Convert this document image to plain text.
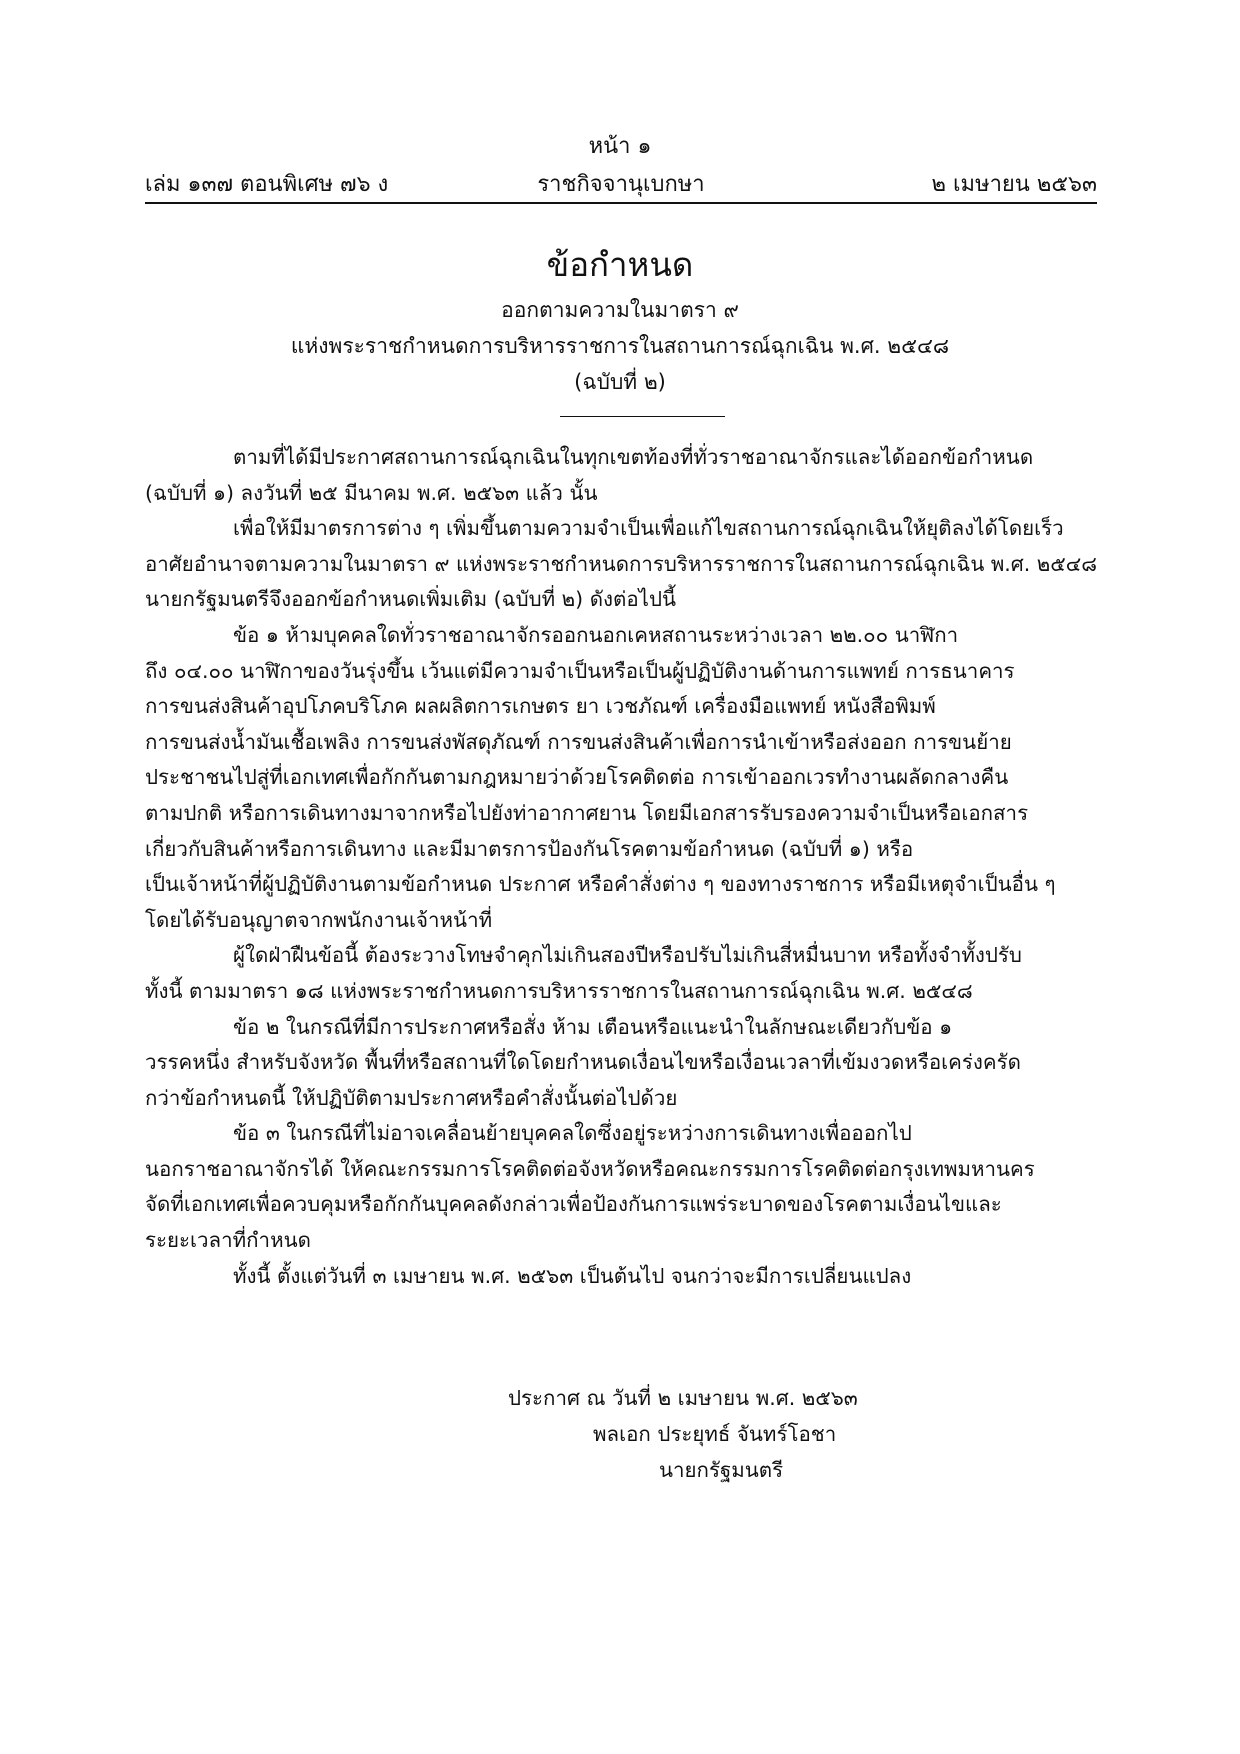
หน้า ๑
เล่ม ๑๓๗ ตอนพิเศษ ๗๖ ง	ราชกิจจานุเบกษา	๒ เมษายน ๒๕๖๓
ข้อกำหนด
ออกตามความในมาตรา ๙
แห่งพระราชกำหนดการบริหารราชการในสถานการณ์ฉุกเฉิน พ.ศ. ๒๕๔๘
(ฉบับที่ ๒)
ตามที่ได้มีประกาศสถานการณ์ฉุกเฉินในทุกเขตท้องที่ทั่วราชอาณาจักรและได้ออกข้อกำหนด
(ฉบับที่ ๑) ลงวันที่ ๒๕ มีนาคม พ.ศ. ๒๕๖๓ แล้ว นั้น
เพื่อให้มีมาตรการต่าง ๆ เพิ่มขึ้นตามความจำเป็นเพื่อแก้ไขสถานการณ์ฉุกเฉินให้ยุติลงได้โดยเร็ว
อาศัยอำนาจตามความในมาตรา ๙ แห่งพระราชกำหนดการบริหารราชการในสถานการณ์ฉุกเฉิน พ.ศ. ๒๕๔๘
นายกรัฐมนตรีจึงออกข้อกำหนดเพิ่มเติม (ฉบับที่ ๒) ดังต่อไปนี้
ข้อ ๑ ห้ามบุคคลใดทั่วราชอาณาจักรออกนอกเคหสถานระหว่างเวลา ๒๒.๐๐ นาฬิกา
ถึง ๐๔.๐๐ นาฬิกาของวันรุ่งขึ้น เว้นแต่มีความจำเป็นหรือเป็นผู้ปฏิบัติงานด้านการแพทย์ การธนาคาร
การขนส่งสินค้าอุปโภคบริโภค ผลผลิตการเกษตร ยา เวชภัณฑ์ เครื่องมือแพทย์ หนังสือพิมพ์
การขนส่งน้ำมันเชื้อเพลิง การขนส่งพัสดุภัณฑ์ การขนส่งสินค้าเพื่อการนำเข้าหรือส่งออก การขนย้าย
ประชาชนไปสู่ที่เอกเทศเพื่อกักกันตามกฎหมายว่าด้วยโรคติดต่อ การเข้าออกเวรทำงานผลัดกลางคืน
ตามปกติ หรือการเดินทางมาจากหรือไปยังท่าอากาศยาน โดยมีเอกสารรับรองความจำเป็นหรือเอกสาร
เกี่ยวกับสินค้าหรือการเดินทาง และมีมาตรการป้องกันโรคตามข้อกำหนด (ฉบับที่ ๑) หรือ
เป็นเจ้าหน้าที่ผู้ปฏิบัติงานตามข้อกำหนด ประกาศ หรือคำสั่งต่าง ๆ ของทางราชการ หรือมีเหตุจำเป็นอื่น ๆ
โดยได้รับอนุญาตจากพนักงานเจ้าหน้าที่
ผู้ใดฝ่าฝืนข้อนี้ ต้องระวางโทษจำคุกไม่เกินสองปีหรือปรับไม่เกินสี่หมื่นบาท หรือทั้งจำทั้งปรับ
ทั้งนี้ ตามมาตรา ๑๘ แห่งพระราชกำหนดการบริหารราชการในสถานการณ์ฉุกเฉิน พ.ศ. ๒๕๔๘
ข้อ ๒ ในกรณีที่มีการประกาศหรือสั่ง ห้าม เตือนหรือแนะนำในลักษณะเดียวกับข้อ ๑
วรรคหนึ่ง สำหรับจังหวัด พื้นที่หรือสถานที่ใดโดยกำหนดเงื่อนไขหรือเงื่อนเวลาที่เข้มงวดหรือเคร่งครัด
กว่าข้อกำหนดนี้ ให้ปฏิบัติตามประกาศหรือคำสั่งนั้นต่อไปด้วย
ข้อ ๓ ในกรณีที่ไม่อาจเคลื่อนย้ายบุคคลใดซึ่งอยู่ระหว่างการเดินทางเพื่อออกไป
นอกราชอาณาจักรได้ ให้คณะกรรมการโรคติดต่อจังหวัดหรือคณะกรรมการโรคติดต่อกรุงเทพมหานคร
จัดที่เอกเทศเพื่อควบคุมหรือกักกันบุคคลดังกล่าวเพื่อป้องกันการแพร่ระบาดของโรคตามเงื่อนไขและ
ระยะเวลาที่กำหนด
ทั้งนี้ ตั้งแต่วันที่ ๓ เมษายน พ.ศ. ๒๕๖๓ เป็นต้นไป จนกว่าจะมีการเปลี่ยนแปลง
ประกาศ ณ วันที่ ๒ เมษายน พ.ศ. ๒๕๖๓
พลเอก ประยุทธ์ จันทร์โอชา
นายกรัฐมนตรี
